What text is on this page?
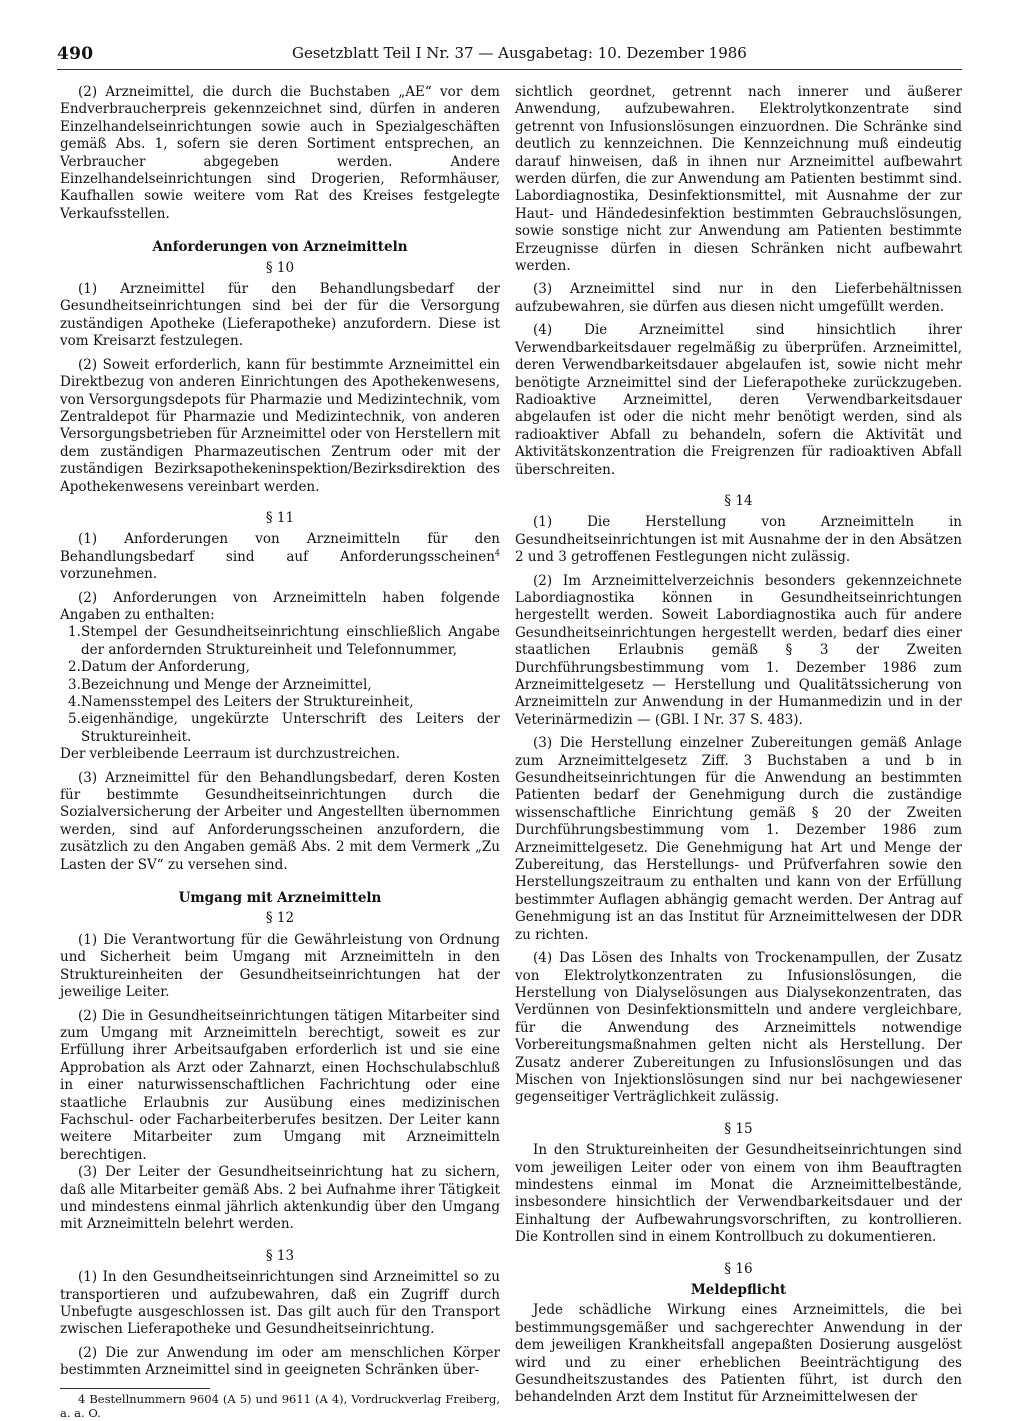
490	Gesetzblatt Teil I Nr. 37 — Ausgabetag: 10. Dezember 1986

(2) Arzneimittel, die durch die Buchstaben „AE“ vor dem Endverbraucherpreis gekennzeichnet sind, dürfen in anderen Einzelhandelseinrichtungen sowie auch in Spezialgeschäften gemäß Abs. 1, sofern sie deren Sortiment entsprechen, an Verbraucher abgegeben werden. Andere Einzelhandelseinrichtungen sind Drogerien, Reformhäuser, Kaufhallen sowie weitere vom Rat des Kreises festgelegte Verkaufsstellen.

Anforderungen von Arzneimitteln
§ 10

(1) Arzneimittel für den Behandlungsbedarf der Gesundheitseinrichtungen sind bei der für die Versorgung zuständigen Apotheke (Lieferapotheke) anzufordern. Diese ist vom Kreisarzt festzulegen.

(2) Soweit erforderlich, kann für bestimmte Arzneimittel ein Direktbezug von anderen Einrichtungen des Apothekenwesens, von Versorgungsdepots für Pharmazie und Medizintechnik, vom Zentraldepot für Pharmazie und Medizintechnik, von anderen Versorgungsbetrieben für Arzneimittel oder von Herstellern mit dem zuständigen Pharmazeutischen Zentrum oder mit der zuständigen Bezirksapothekeninspektion/Bezirksdirektion des Apothekenwesens vereinbart werden.

§ 11

(1) Anforderungen von Arzneimitteln für den Behandlungsbedarf sind auf Anforderungsscheinen$^4$ vorzunehmen.

(2) Anforderungen von Arzneimitteln haben folgende Angaben zu enthalten:

1. Stempel der Gesundheitseinrichtung einschließlich Angabe der anfordernden Struktureinheit und Telefonnummer,
2. Datum der Anforderung,
3. Bezeichnung und Menge der Arzneimittel,
4. Namensstempel des Leiters der Struktureinheit,
5. eigenhändige, ungekürzte Unterschrift des Leiters der Struktureinheit.

Der verbleibende Leerraum ist durchzustreichen.

(3) Arzneimittel für den Behandlungsbedarf, deren Kosten für bestimmte Gesundheitseinrichtungen durch die Sozialversicherung der Arbeiter und Angestellten übernommen werden, sind auf Anforderungsscheinen anzufordern, die zusätzlich zu den Angaben gemäß Abs. 2 mit dem Vermerk „Zu Lasten der SV“ zu versehen sind.

Umgang mit Arzneimitteln
§ 12

(1) Die Verantwortung für die Gewährleistung von Ordnung und Sicherheit beim Umgang mit Arzneimitteln in den Struktureinheiten der Gesundheitseinrichtungen hat der jeweilige Leiter.

(2) Die in Gesundheitseinrichtungen tätigen Mitarbeiter sind zum Umgang mit Arzneimitteln berechtigt, soweit es zur Erfüllung ihrer Arbeitsaufgaben erforderlich ist und sie eine Approbation als Arzt oder Zahnarzt, einen Hochschulabschluß in einer naturwissenschaftlichen Fachrichtung oder eine staatliche Erlaubnis zur Ausübung eines medizinischen Fachschul- oder Facharbeiterberufes besitzen. Der Leiter kann weitere Mitarbeiter zum Umgang mit Arzneimitteln berechtigen.

(3) Der Leiter der Gesundheitseinrichtung hat zu sichern, daß alle Mitarbeiter gemäß Abs. 2 bei Aufnahme ihrer Tätigkeit und mindestens einmal jährlich aktenkundig über den Umgang mit Arzneimitteln belehrt werden.

§ 13

(1) In den Gesundheitseinrichtungen sind Arzneimittel so zu transportieren und aufzubewahren, daß ein Zugriff durch Unbefugte ausgeschlossen ist. Das gilt auch für den Transport zwischen Lieferapotheke und Gesundheitseinrichtung.

(2) Die zur Anwendung im oder am menschlichen Körper bestimmten Arzneimittel sind in geeigneten Schränken über-

4 Bestellnummern 9604 (A 5) und 9611 (A 4), Vordruckverlag Freiberg, a. a. O.

sichtlich geordnet, getrennt nach innerer und äußerer Anwendung, aufzubewahren. Elektrolytkonzentrate sind getrennt von Infusionslösungen einzuordnen. Die Schränke sind deutlich zu kennzeichnen. Die Kennzeichnung muß eindeutig darauf hinweisen, daß in ihnen nur Arzneimittel aufbewahrt werden dürfen, die zur Anwendung am Patienten bestimmt sind. Labordiagnostika, Desinfektionsmittel, mit Ausnahme der zur Haut- und Händedesinfektion bestimmten Gebrauchslösungen, sowie sonstige nicht zur Anwendung am Patienten bestimmte Erzeugnisse dürfen in diesen Schränken nicht aufbewahrt werden.

(3) Arzneimittel sind nur in den Lieferbehältnissen aufzubewahren, sie dürfen aus diesen nicht umgefüllt werden.

(4) Die Arzneimittel sind hinsichtlich ihrer Verwendbarkeitsdauer regelmäßig zu überprüfen. Arzneimittel, deren Verwendbarkeitsdauer abgelaufen ist, sowie nicht mehr benötigte Arzneimittel sind der Lieferapotheke zurückzugeben. Radioaktive Arzneimittel, deren Verwendbarkeitsdauer abgelaufen ist oder die nicht mehr benötigt werden, sind als radioaktiver Abfall zu behandeln, sofern die Aktivität und Aktivitätskonzentration die Freigrenzen für radioaktiven Abfall überschreiten.

§ 14

(1) Die Herstellung von Arzneimitteln in Gesundheitseinrichtungen ist mit Ausnahme der in den Absätzen 2 und 3 getroffenen Festlegungen nicht zulässig.

(2) Im Arzneimittelverzeichnis besonders gekennzeichnete Labordiagnostika können in Gesundheitseinrichtungen hergestellt werden. Soweit Labordiagnostika auch für andere Gesundheitseinrichtungen hergestellt werden, bedarf dies einer staatlichen Erlaubnis gemäß § 3 der Zweiten Durchführungsbestimmung vom 1. Dezember 1986 zum Arzneimittelgesetz — Herstellung und Qualitätssicherung von Arzneimitteln zur Anwendung in der Humanmedizin und in der Veterinärmedizin — (GBl. I Nr. 37 S. 483).

(3) Die Herstellung einzelner Zubereitungen gemäß Anlage zum Arzneimittelgesetz Ziff. 3 Buchstaben a und b in Gesundheitseinrichtungen für die Anwendung an bestimmten Patienten bedarf der Genehmigung durch die zuständige wissenschaftliche Einrichtung gemäß § 20 der Zweiten Durchführungsbestimmung vom 1. Dezember 1986 zum Arzneimittelgesetz. Die Genehmigung hat Art und Menge der Zubereitung, das Herstellungs- und Prüfverfahren sowie den Herstellungszeitraum zu enthalten und kann von der Erfüllung bestimmter Auflagen abhängig gemacht werden. Der Antrag auf Genehmigung ist an das Institut für Arzneimittelwesen der DDR zu richten.

(4) Das Lösen des Inhalts von Trockenampullen, der Zusatz von Elektrolytkonzentraten zu Infusionslösungen, die Herstellung von Dialyselösungen aus Dialysekonzentraten, das Verdünnen von Desinfektionsmitteln und andere vergleichbare, für die Anwendung des Arzneimittels notwendige Vorbereitungsmaßnahmen gelten nicht als Herstellung. Der Zusatz anderer Zubereitungen zu Infusionslösungen und das Mischen von Injektionslösungen sind nur bei nachgewiesener gegenseitiger Verträglichkeit zulässig.

§ 15

In den Struktureinheiten der Gesundheitseinrichtungen sind vom jeweiligen Leiter oder von einem von ihm Beauftragten mindestens einmal im Monat die Arzneimittelbestände, insbesondere hinsichtlich der Verwendbarkeitsdauer und der Einhaltung der Aufbewahrungsvorschriften, zu kontrollieren. Die Kontrollen sind in einem Kontrollbuch zu dokumentieren.

§ 16
Meldepflicht

Jede schädliche Wirkung eines Arzneimittels, die bei bestimmungsgemäßer und sachgerechter Anwendung in der dem jeweiligen Krankheitsfall angepaßten Dosierung ausgelöst wird und zu einer erheblichen Beeinträchtigung des Gesundheitszustandes des Patienten führt, ist durch den behandelnden Arzt dem Institut für Arzneimittelwesen der
